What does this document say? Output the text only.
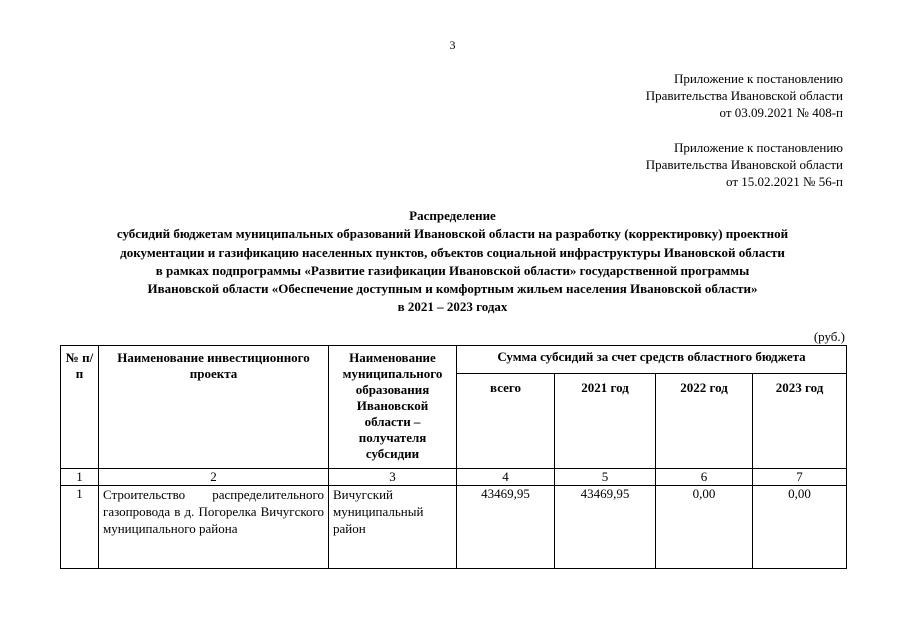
3
Приложение к постановлению
Правительства Ивановской области
от 03.09.2021 № 408-п
Приложение к постановлению
Правительства Ивановской области
от 15.02.2021 № 56-п
Распределение
субсидий бюджетам муниципальных образований Ивановской области на разработку (корректировку) проектной
документации и газификацию населенных пунктов, объектов социальной инфраструктуры Ивановской области
в рамках подпрограммы «Развитие газификации Ивановской области» государственной программы
Ивановской области «Обеспечение доступным и комфортным жильем населения Ивановской области»
в 2021 – 2023 годах
(руб.)
№ п/п	Наименование инвестиционного проекта	Наименование муниципального образования Ивановской области – получателя субсидии	Сумма субсидий за счет средств областного бюджета			
			всего	2021 год	2022 год	2023 год
1	2	3	4	5	6	7
1	Строительство распределительного газопровода в д. Погорелка Вичугского муниципального района	Вичугский муниципальный район	43469,95	43469,95	0,00	0,00
